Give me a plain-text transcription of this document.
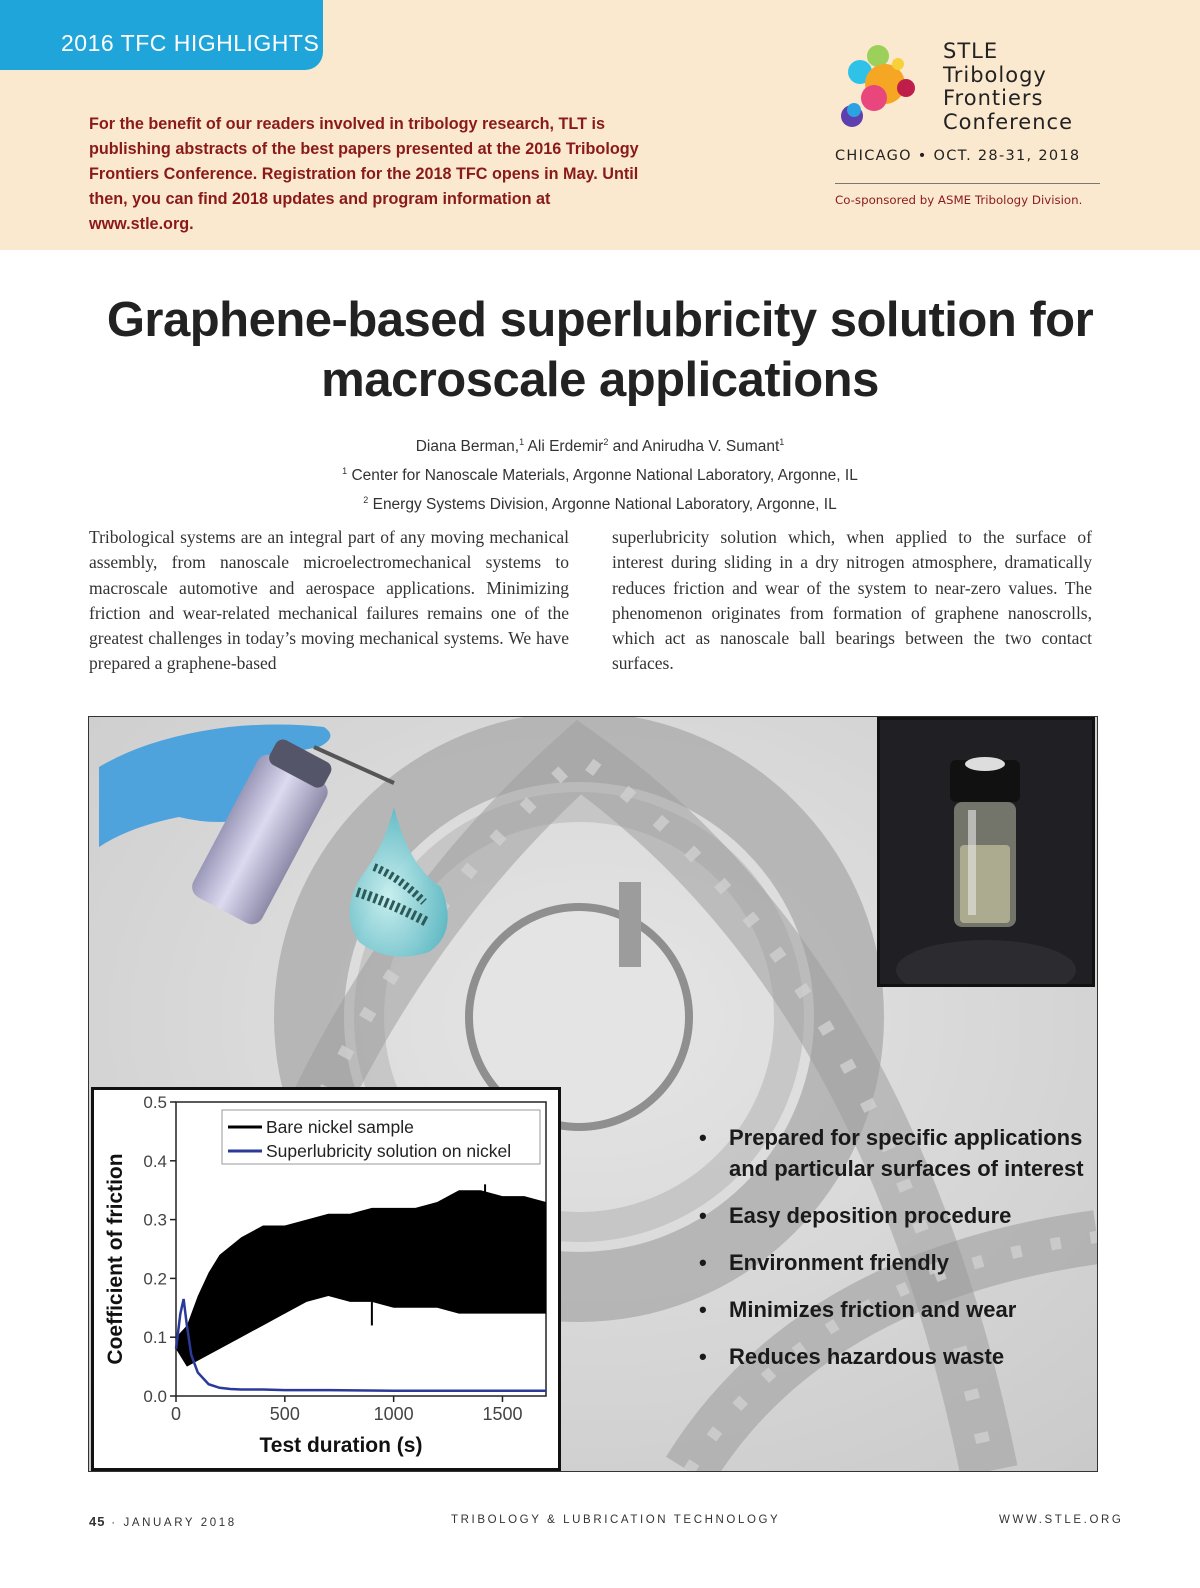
2016 TFC HIGHLIGHTS
For the benefit of our readers involved in tribology research, TLT is
publishing abstracts of the best papers presented at the 2016 Tribology
Frontiers Conference. Registration for the 2018 TFC opens in May. Until
then, you can find 2018 updates and program information at www.stle.org.
STLE
Tribology
Frontiers
Conference
CHICAGO • OCT. 28-31, 2018
Co-sponsored by ASME Tribology Division.
Graphene-based superlubricity solution for
macroscale applications
Diana Berman,$^1$ Ali Erdemir$^2$ and Anirudha V. Sumant$^1$
$^1$ Center for Nanoscale Materials, Argonne National Laboratory, Argonne, IL
$^2$ Energy Systems Division, Argonne National Laboratory, Argonne, IL
Tribological systems are an integral part of any moving mechanical assembly, from nanoscale microelectromechanical systems to macroscale automotive and aerospace applications. Minimizing friction and wear-related mechanical failures remains one of the greatest challenges in today’s moving mechanical systems. We have prepared a graphene-based
superlubricity solution which, when applied to the surface of interest during sliding in a dry nitrogen atmosphere, dramatically reduces friction and wear of the system to near-zero values. The phenomenon originates from formation of graphene nanoscrolls, which act as nanoscale ball bearings between the two contact surfaces.
0.0
0.1
0.2
0.3
0.4
0.5
0	500	1000	1500
Test duration (s)
Coefficient of friction
Bare nickel sample
Superlubricity solution on nickel
• Prepared for specific applications and particular surfaces of interest
• Easy deposition procedure
• Environment friendly
• Minimizes friction and wear
• Reduces hazardous waste
45 · JANUARY 2018	TRIBOLOGY & LUBRICATION TECHNOLOGY	WWW.STLE.ORG
